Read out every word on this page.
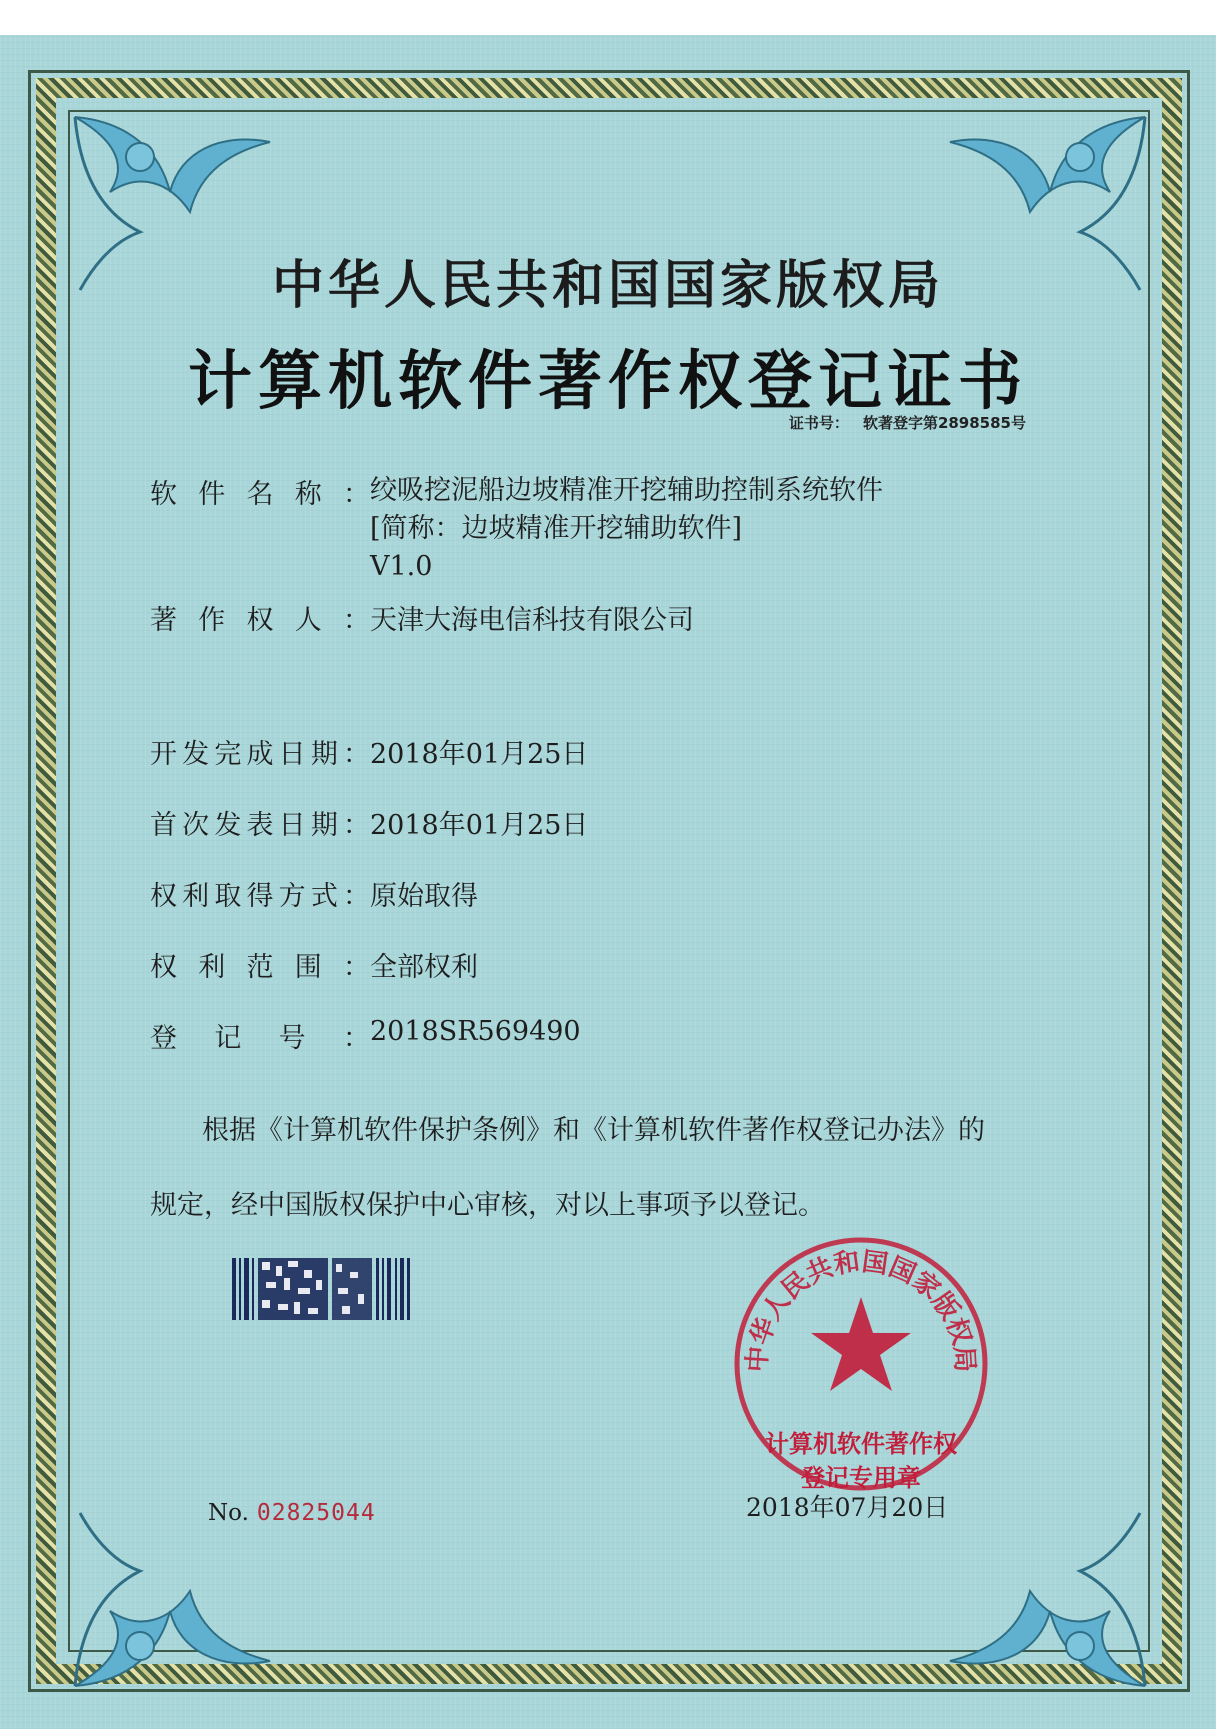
中华人民共和国国家版权局
计算机软件著作权登记证书
证书号： 软著登字第2898585号
软件名称： 绞吸挖泥船边坡精准开挖辅助控制系统软件
[简称：边坡精准开挖辅助软件]
V1.0
著作权人：天津大海电信科技有限公司
开发完成日期：2018年01月25日
首次发表日期：2018年01月25日
权利取得方式：原始取得
权利范围：全部权利
登记号：2018SR569490
根据《计算机软件保护条例》和《计算机软件著作权登记办法》的
规定，经中国版权保护中心审核，对以上事项予以登记。
No. 02825044
中华人民共和国国家版权局
计算机软件著作权
登记专用章
2018年07月20日
